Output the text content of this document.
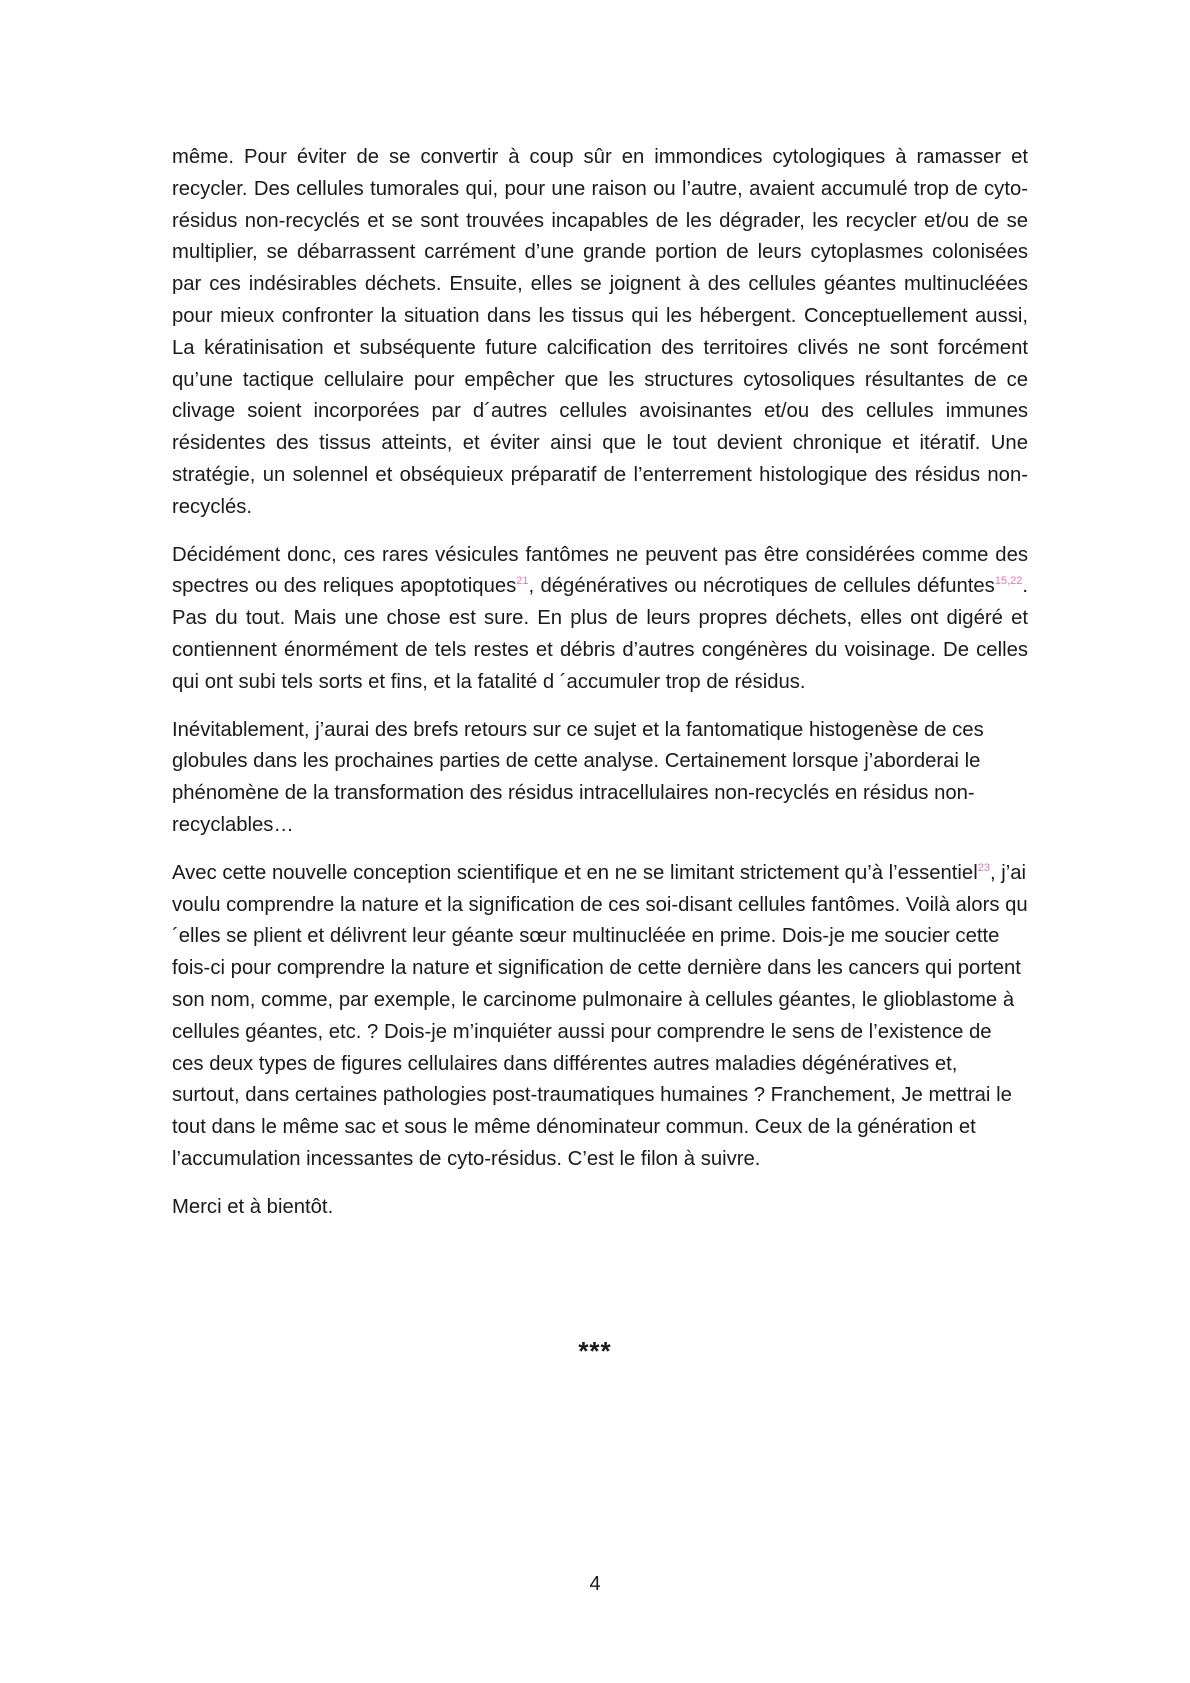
même. Pour éviter de se convertir à coup sûr en immondices cytologiques à ramasser et recycler. Des cellules tumorales qui, pour une raison ou l’autre, avaient accumulé trop de cyto-résidus non-recyclés et se sont trouvées incapables de les dégrader, les recycler et/ou de se multiplier, se débarrassent carrément d’une grande portion de leurs cytoplasmes colonisées par ces indésirables déchets. Ensuite, elles se joignent à des cellules géantes multinucléées pour mieux confronter la situation dans les tissus qui les hébergent. Conceptuellement aussi, La kératinisation et subséquente future calcification des territoires clivés ne sont forcément qu’une tactique cellulaire pour empêcher que les structures cytosoliques résultantes de ce clivage soient incorporées par d´autres cellules avoisinantes et/ou des cellules immunes résidentes des tissus atteints, et éviter ainsi que le tout devient chronique et itératif. Une stratégie, un solennel et obséquieux préparatif de l’enterrement histologique des résidus non-recyclés.

Décidément donc, ces rares vésicules fantômes ne peuvent pas être considérées comme des spectres ou des reliques apoptotiques$^{21}$, dégénératives ou nécrotiques de cellules défuntes$^{15,22}$. Pas du tout. Mais une chose est sure. En plus de leurs propres déchets, elles ont digéré et contiennent énormément de tels restes et débris d’autres congénères du voisinage. De celles qui ont subi tels sorts et fins, et la fatalité d ´accumuler trop de résidus.

Inévitablement, j’aurai des brefs retours sur ce sujet et la fantomatique histogenèse de ces globules dans les prochaines parties de cette analyse. Certainement lorsque j’aborderai le phénomène de la transformation des résidus intracellulaires non-recyclés en résidus non-recyclables…

Avec cette nouvelle conception scientifique et en ne se limitant strictement qu’à l’essentiel$^{23}$, j’ai voulu comprendre la nature et la signification de ces soi-disant cellules fantômes. Voilà alors qu´elles se plient et délivrent leur géante sœur multinucléée en prime. Dois-je me soucier cette fois-ci pour comprendre la nature et signification de cette dernière dans les cancers qui portent son nom, comme, par exemple, le carcinome pulmonaire à cellules géantes, le glioblastome à cellules géantes, etc. ? Dois-je m’inquiéter aussi pour comprendre le sens de l’existence de ces deux types de figures cellulaires dans différentes autres maladies dégénératives et, surtout, dans certaines pathologies post-traumatiques humaines ? Franchement, Je mettrai le tout dans le même sac et sous le même dénominateur commun. Ceux de la génération et l’accumulation incessantes de cyto-résidus. C’est le filon à suivre.

Merci et à bientôt.

***
4
